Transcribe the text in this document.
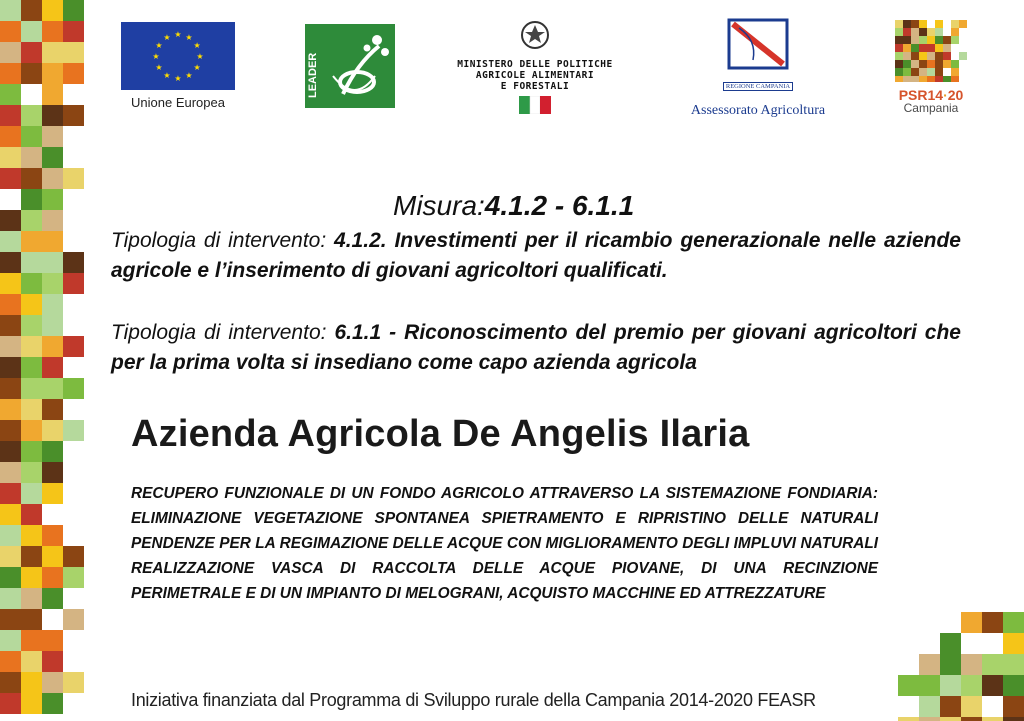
★ ★
★
★
★
★
★
★
★
★
★
★
Unione Europea
LEADER	MINISTERO DELLE POLITICHE
AGRICOLE ALIMENTARI
E FORESTALI	REGIONE CAMPANIA
Assessorato Agricoltura
PSR14·20
Campania
Misura:4.1.2 - 6.1.1
Tipologia di intervento: 4.1.2. Investimenti per il ricambio generazionale nelle aziende agricole e l’inserimento di giovani agricoltori qualificati.
Tipologia di intervento: 6.1.1 - Riconoscimento del premio per giovani agricoltori che per la prima volta si insediano come capo azienda agricola
Azienda Agricola De Angelis Ilaria
RECUPERO FUNZIONALE DI UN FONDO AGRICOLO ATTRAVERSO LA SISTEMAZIONE FONDIARIA: ELIMINAZIONE VEGETAZIONE SPONTANEA SPIETRAMENTO E RIPRISTINO DELLE NATURALI PENDENZE PER LA REGIMAZIONE DELLE ACQUE CON MIGLIORAMENTO DEGLI IMPLUVI NATURALI REALIZZAZIONE VASCA DI RACCOLTA DELLE ACQUE PIOVANE, DI UNA RECINZIONE PERIMETRALE E DI UN IMPIANTO DI MELOGRANI, ACQUISTO MACCHINE ED ATTREZZATURE
Iniziativa finanziata dal Programma di Sviluppo rurale della Campania 2014-2020 FEASR
